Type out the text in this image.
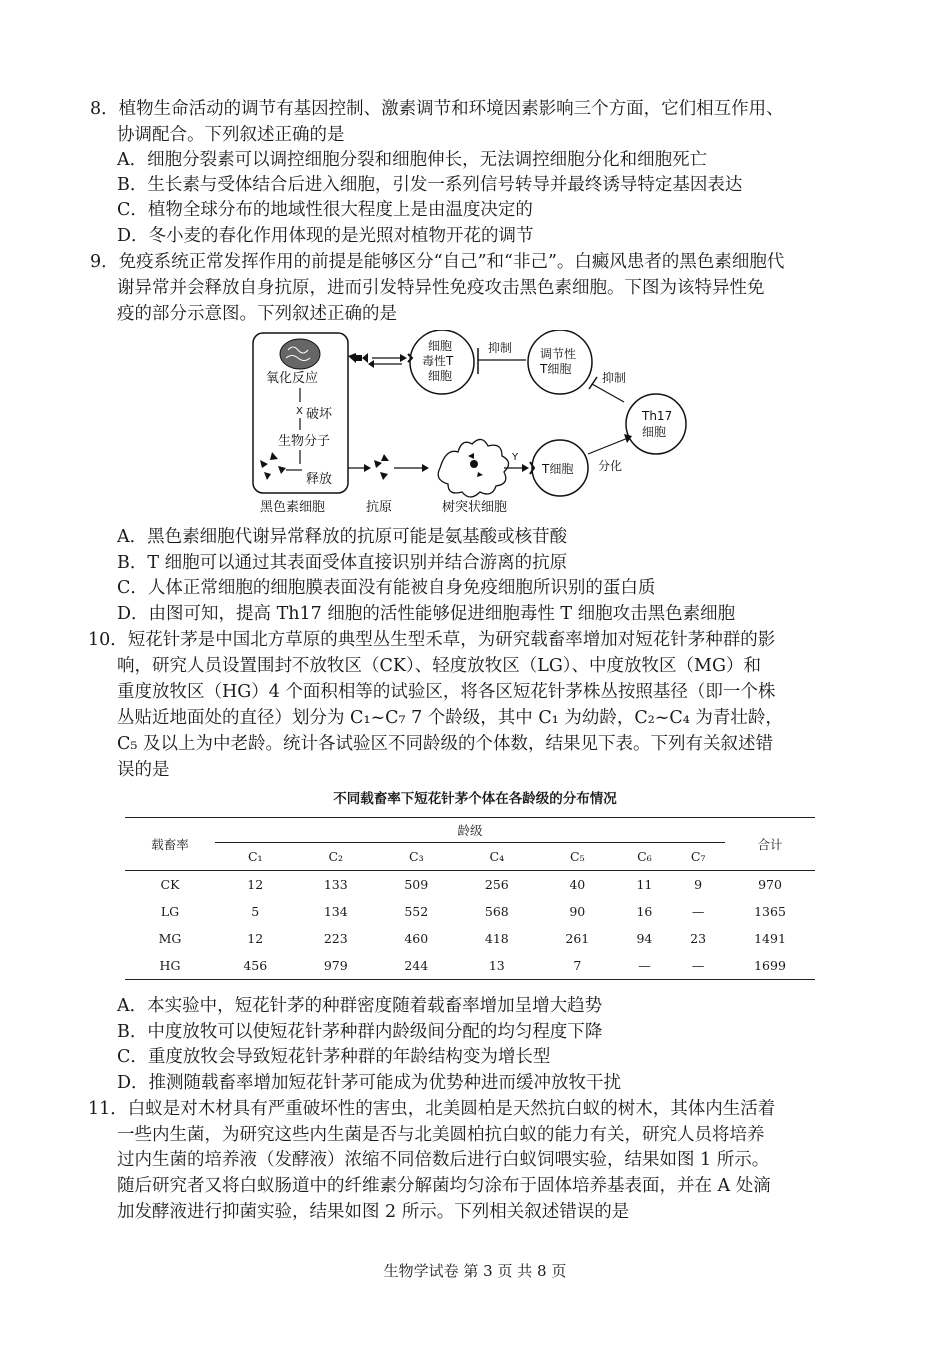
8．植物生命活动的调节有基因控制、激素调节和环境因素影响三个方面，它们相互作用、
协调配合。下列叙述正确的是
A．细胞分裂素可以调控细胞分裂和细胞伸长，无法调控细胞分化和细胞死亡
B．生长素与受体结合后进入细胞，引发一系列信号转导并最终诱导特定基因表达
C．植物全球分布的地域性很大程度上是由温度决定的
D．冬小麦的春化作用体现的是光照对植物开花的调节
9．免疫系统正常发挥作用的前提是能够区分“自己”和“非己”。白癜风患者的黑色素细胞代
谢异常并会释放自身抗原，进而引发特异性免疫攻击黑色素细胞。下图为该特异性免
疫的部分示意图。下列叙述正确的是
氧化反应
X 破坏
生物分子
释放
黑色素细胞
细胞
毒性T
细胞
抑制 调节性
T细胞
抑制
Th17
细胞
分化
抗原	树突状细胞
Y
T细胞
A．黑色素细胞代谢异常释放的抗原可能是氨基酸或核苷酸
B．T 细胞可以通过其表面受体直接识别并结合游离的抗原
C．人体正常细胞的细胞膜表面没有能被自身免疫细胞所识别的蛋白质
D．由图可知，提高 Th17 细胞的活性能够促进细胞毒性 T 细胞攻击黑色素细胞
10．短花针茅是中国北方草原的典型丛生型禾草，为研究载畜率增加对短花针茅种群的影
响，研究人员设置围封不放牧区（CK）、轻度放牧区（LG）、中度放牧区（MG）和
重度放牧区（HG）4 个面积相等的试验区，将各区短花针茅株丛按照基径（即一个株
丛贴近地面处的直径）划分为 C₁~C₇ 7 个龄级，其中 C₁ 为幼龄，C₂~C₄ 为青壮龄，
C₅ 及以上为中老龄。统计各试验区不同龄级的个体数，结果见下表。下列有关叙述错
误的是
不同载畜率下短花针茅个体在各龄级的分布情况
载畜率	龄级							合计
	C₁	C₂	C₃	C₄	C₅	C₆	C₇	
CK	12	133	509	256	40	11	9	970
LG	5	134	552	568	90	16	—	1365
MG	12	223	460	418	261	94	23	1491
HG	456	979	244	13	7	—	—	1699
A．本实验中，短花针茅的种群密度随着载畜率增加呈增大趋势
B．中度放牧可以使短花针茅种群内龄级间分配的均匀程度下降
C．重度放牧会导致短花针茅种群的年龄结构变为增长型
D．推测随载畜率增加短花针茅可能成为优势种进而缓冲放牧干扰
11．白蚁是对木材具有严重破坏性的害虫，北美圆柏是天然抗白蚁的树木，其体内生活着
一些内生菌，为研究这些内生菌是否与北美圆柏抗白蚁的能力有关，研究人员将培养
过内生菌的培养液（发酵液）浓缩不同倍数后进行白蚁饲喂实验，结果如图 1 所示。
随后研究者又将白蚁肠道中的纤维素分解菌均匀涂布于固体培养基表面，并在 A 处滴
加发酵液进行抑菌实验，结果如图 2 所示。下列相关叙述错误的是
生物学试卷 第 3 页 共 8 页
